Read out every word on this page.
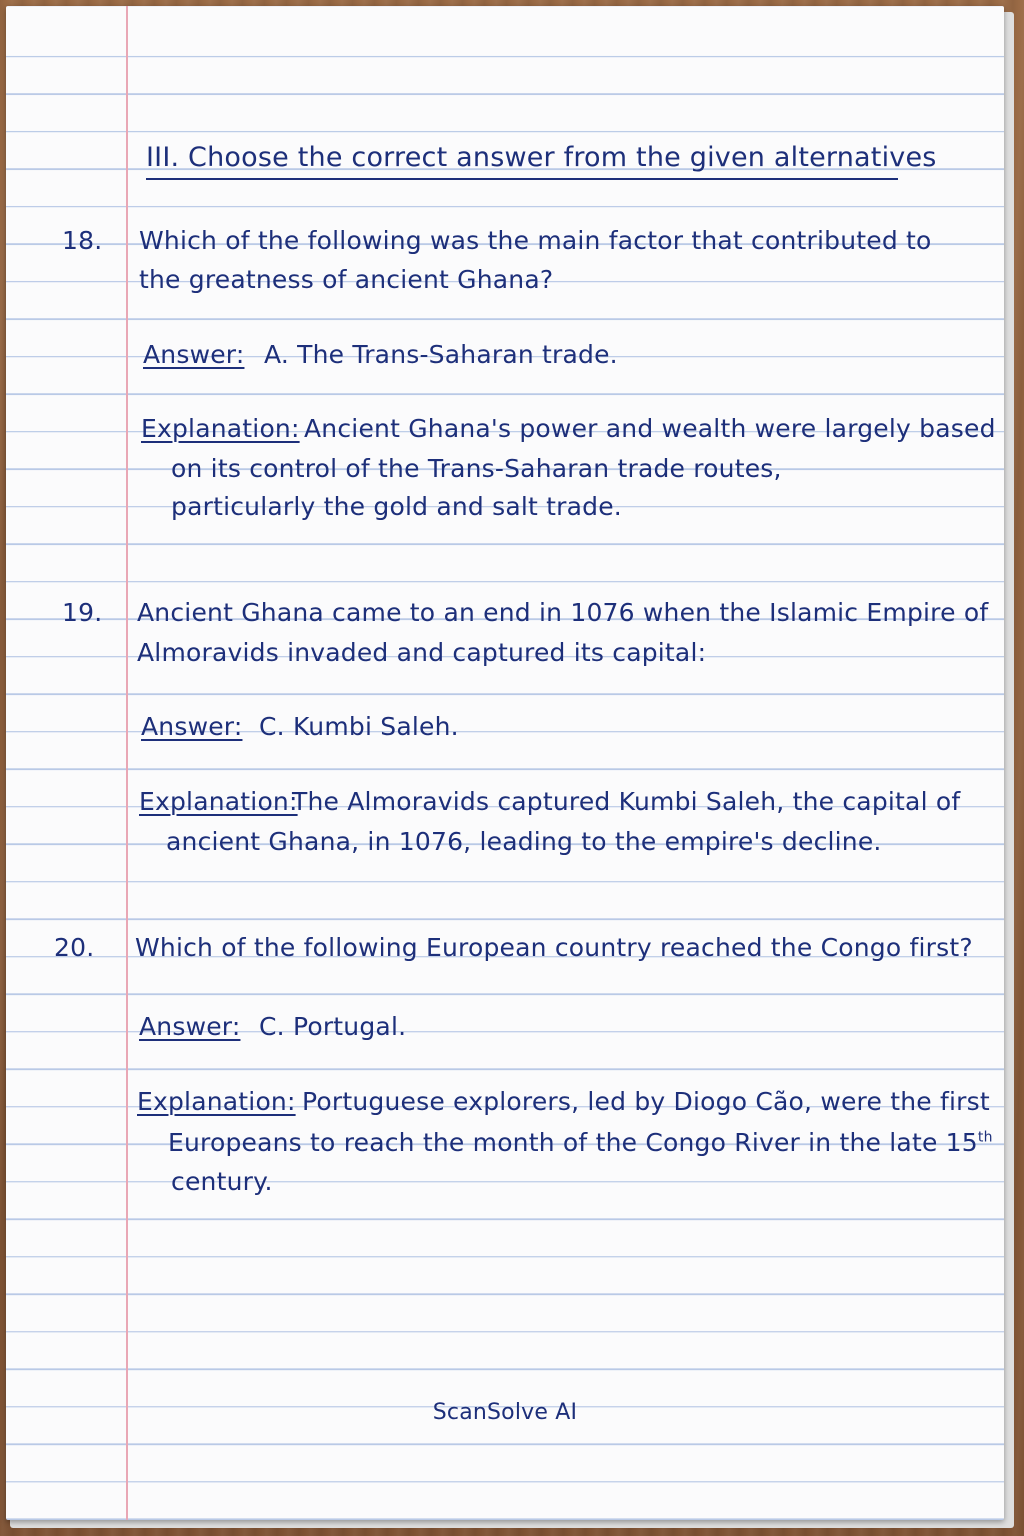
III. Choose the correct answer from the given alternatives
18. Which of the following was the main factor that contributed to
the greatness of ancient Ghana?
Answer: A. The Trans-Saharan trade.
Explanation: Ancient Ghana's power and wealth were largely based
on its control of the Trans-Saharan trade routes,
particularly the gold and salt trade.
19. Ancient Ghana came to an end in 1076 when the Islamic Empire of
Almoravids invaded and captured its capital:
Answer: C. Kumbi Saleh.
Explanation:
The Almoravids captured Kumbi Saleh, the capital of
ancient Ghana, in 1076, leading to the empire's decline.
20. Which of the following European country reached the Congo first?
Answer: C. Portugal.
Explanation: Portuguese explorers, led by Diogo Cão, were the first
Europeans to reach the month of the Congo River in the late 15th
century.
ScanSolve AI
